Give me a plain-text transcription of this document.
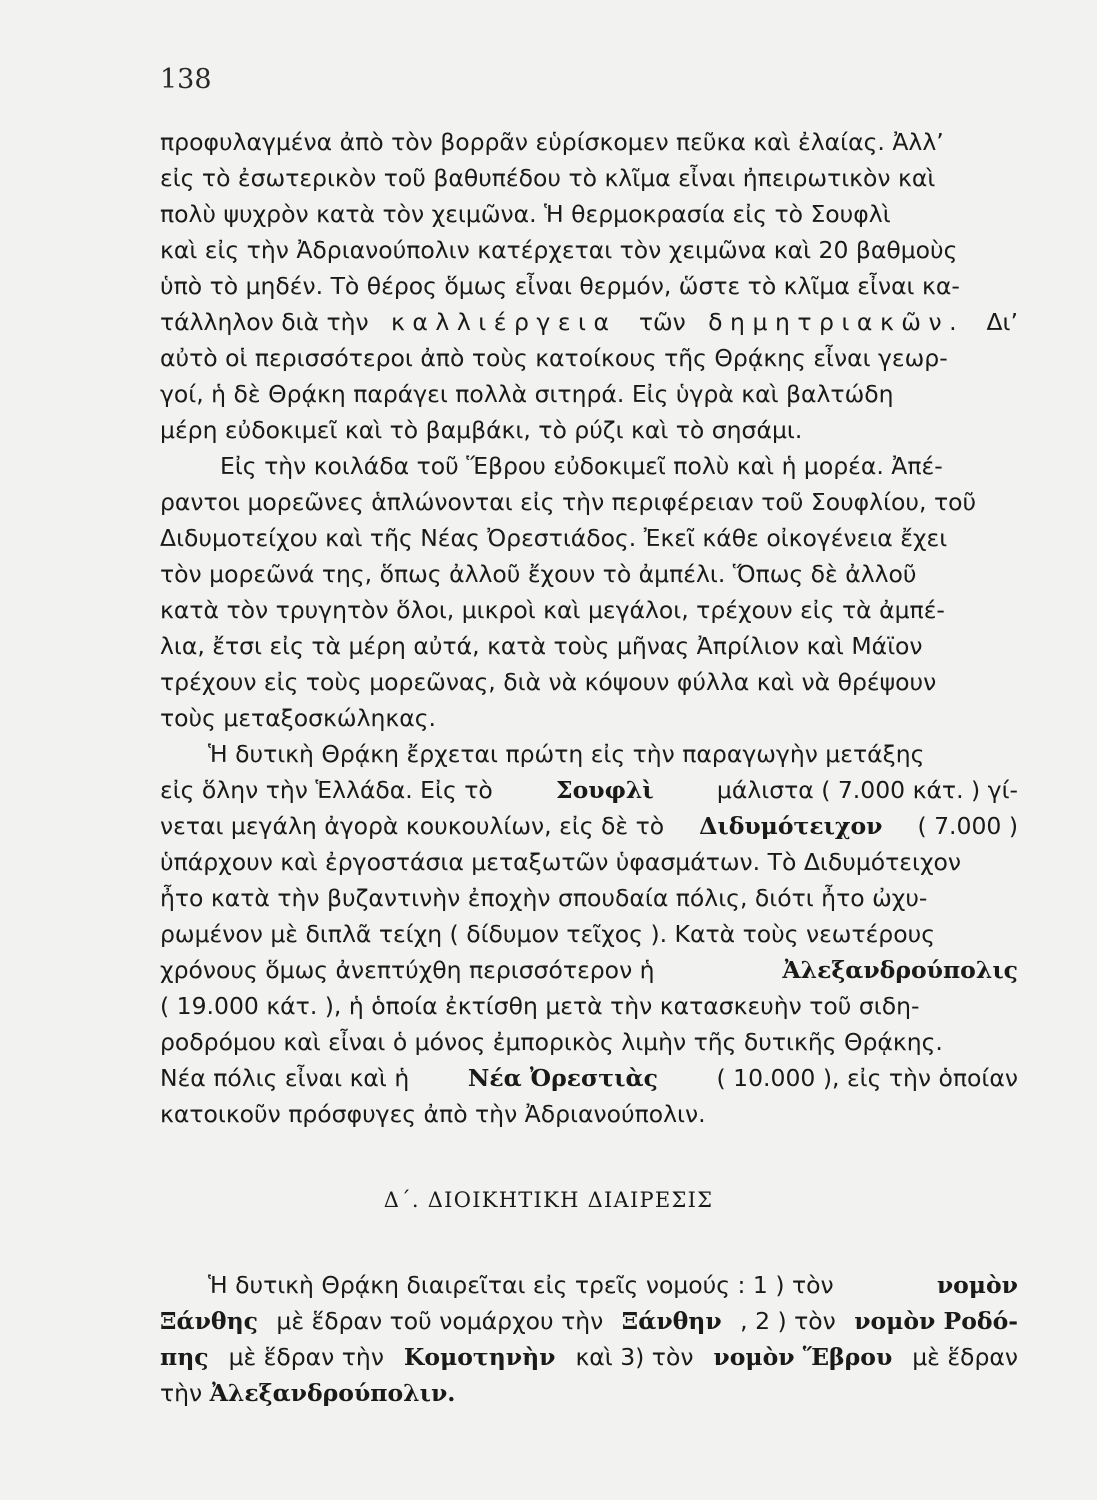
138
προφυλαγμένα ἀπὸ τὸν βορρᾶν εὑρίσκομεν πεῦκα καὶ ἐλαίας. Ἀλλ’
εἰς τὸ ἐσωτερικὸν τοῦ βαθυπέδου τὸ κλῖμα εἶναι ἠπειρωτικὸν καὶ
πολὺ ψυχρὸν κατὰ τὸν χειμῶνα. Ἡ θερμοκρασία εἰς τὸ Σουφλὶ
καὶ εἰς τὴν Ἀδριανούπολιν κατέρχεται τὸν χειμῶνα καὶ 20 βαθμοὺς
ὑπὸ τὸ μηδέν. Τὸ θέρος ὅμως εἶναι θερμόν, ὥστε τὸ κλῖμα εἶναι κα-
τάλληλον διὰ τὴν καλλιέργεια τῶν δημητριακῶν. Δι’
αὐτὸ οἱ περισσότεροι ἀπὸ τοὺς κατοίκους τῆς Θρᾴκης εἶναι γεωρ-
γοί, ἡ δὲ Θρᾴκη παράγει πολλὰ σιτηρά. Εἰς ὑγρὰ καὶ βαλτώδη
μέρη εὐδοκιμεῖ καὶ τὸ βαμβάκι, τὸ ρύζι καὶ τὸ σησάμι.
Εἰς τὴν κοιλάδα τοῦ Ἕβρου εὐδοκιμεῖ πολὺ καὶ ἡ μορέα. Ἀπέ-
ραντοι μορεῶνες ἁπλώνονται εἰς τὴν περιφέρειαν τοῦ Σουφλίου, τοῦ
Διδυμοτείχου καὶ τῆς Νέας Ὀρεστιάδος. Ἐκεῖ κάθε οἰκογένεια ἔχει
τὸν μορεῶνά της, ὅπως ἀλλοῦ ἔχουν τὸ ἀμπέλι. Ὅπως δὲ ἀλλοῦ
κατὰ τὸν τρυγητὸν ὅλοι, μικροὶ καὶ μεγάλοι, τρέχουν εἰς τὰ ἀμπέ-
λια, ἔτσι εἰς τὰ μέρη αὐτά, κατὰ τοὺς μῆνας Ἀπρίλιον καὶ Μάϊον
τρέχουν εἰς τοὺς μορεῶνας, διὰ νὰ κόψουν φύλλα καὶ νὰ θρέψουν
τοὺς μεταξοσκώληκας.
Ἡ δυτικὴ Θρᾴκη ἔρχεται πρώτη εἰς τὴν παραγωγὴν μετάξης
εἰς ὅλην τὴν Ἑλλάδα. Εἰς τὸ	Σουφλὶ	μάλιστα ( 7.000 κάτ. ) γί-
νεται μεγάλη ἀγορὰ κουκουλίων, εἰς δὲ τὸ Διδυμότειχον ( 7.000 )
ὑπάρχουν καὶ ἐργοστάσια μεταξωτῶν ὑφασμάτων. Τὸ Διδυμότειχον
ἦτο κατὰ τὴν βυζαντινὴν ἐποχὴν σπουδαία πόλις, διότι ἦτο ὠχυ-
ρωμένον μὲ διπλᾶ τείχη ( δίδυμον τεῖχος ). Κατὰ τοὺς νεωτέρους
χρόνους ὅμως ἀνεπτύχθη περισσότερον ἡ	Ἀλεξανδρούπολις
( 19.000 κάτ. ), ἡ ὁποία ἐκτίσθη μετὰ τὴν κατασκευὴν τοῦ σιδη-
ροδρόμου καὶ εἶναι ὁ μόνος ἐμπορικὸς λιμὴν τῆς δυτικῆς Θρᾴκης.
Νέα πόλις εἶναι καὶ ἡ Νέα Ὀρεστιὰς ( 10.000 ), εἰς τὴν ὁποίαν
κατοικοῦν πρόσφυγες ἀπὸ τὴν Ἀδριανούπολιν.
Δ΄. ΔΙΟΙΚΗΤΙΚΗ ΔΙΑΙΡΕΣΙΣ
Ἡ δυτικὴ Θρᾴκη διαιρεῖται εἰς τρεῖς νομούς : 1 ) τὸν	νομὸν
Ξάνθης μὲ ἕδραν τοῦ νομάρχου τὴν Ξάνθην , 2 ) τὸν νομὸν Ροδό-
πης μὲ ἕδραν τὴν Κομοτηνὴν καὶ 3) τὸν νομὸν Ἕβρου μὲ ἕδραν
τὴν
Ἀλεξανδρούπολιν .
